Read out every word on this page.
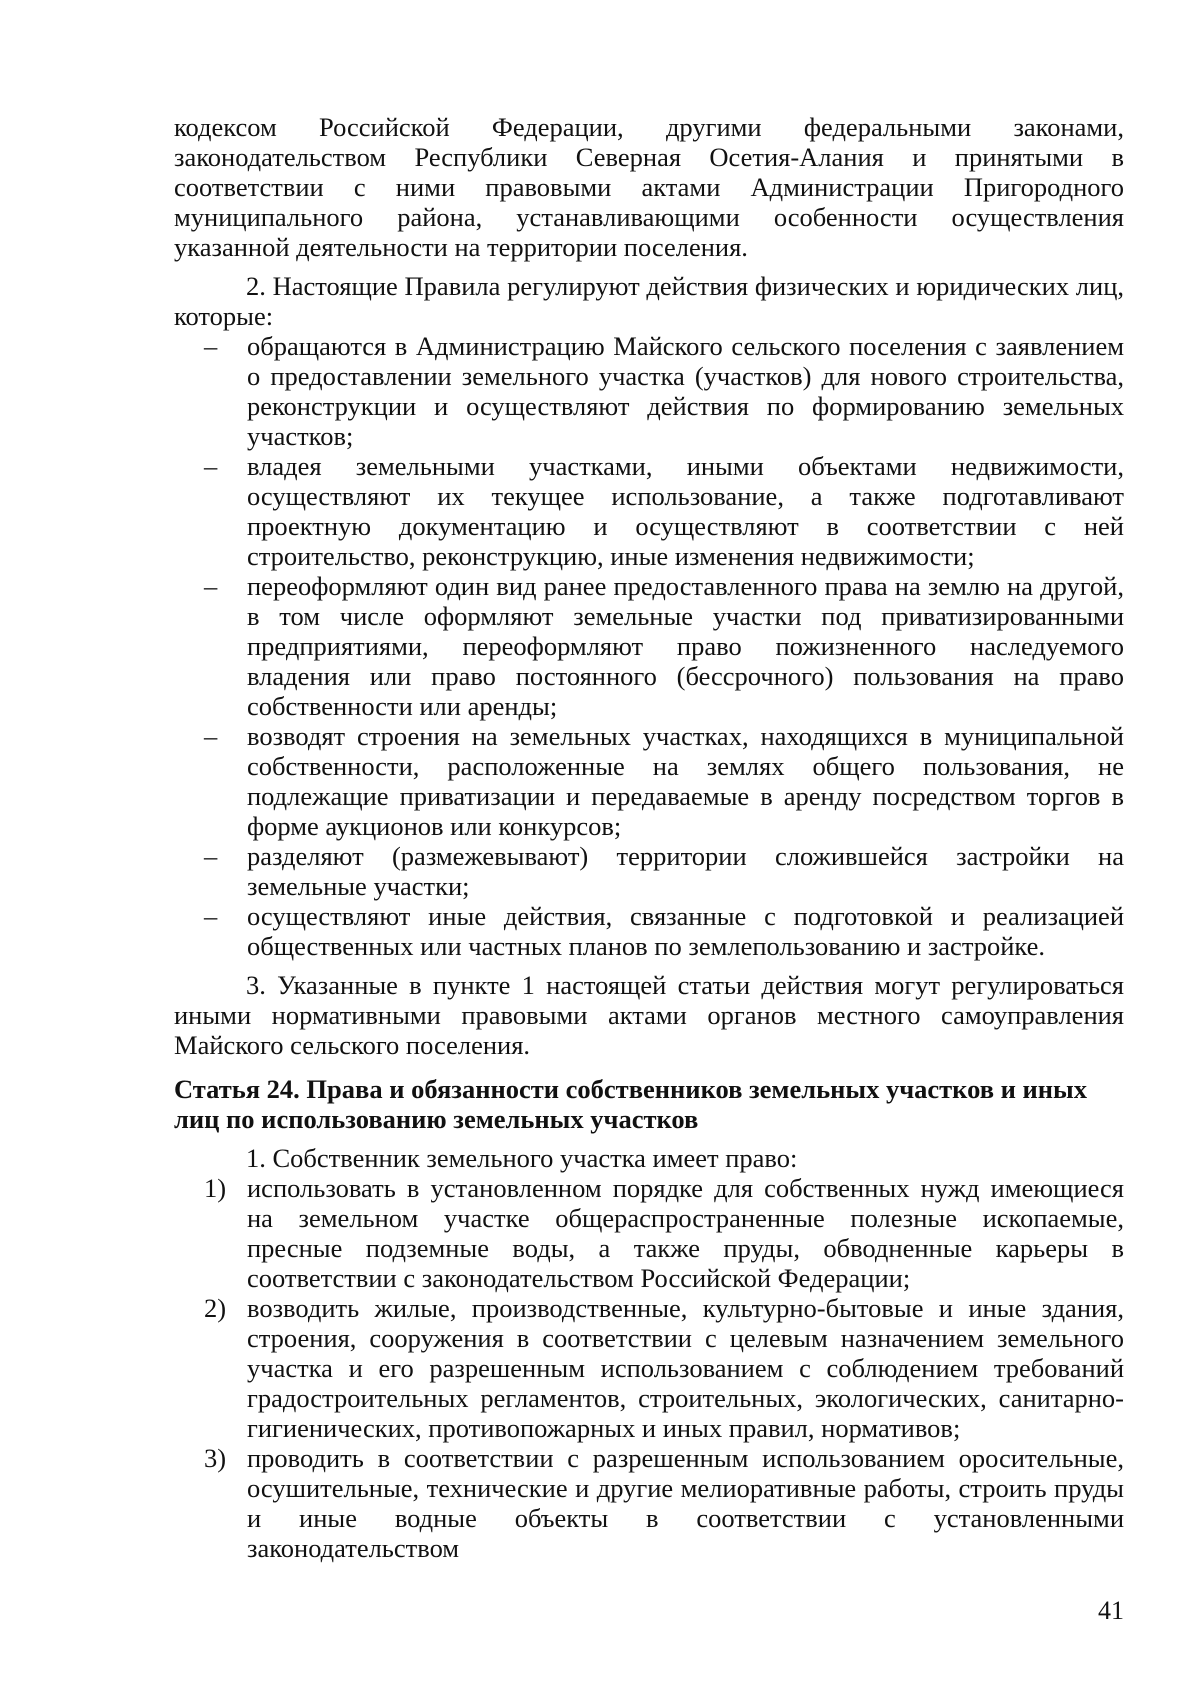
кодексом Российской Федерации, другими федеральными законами, законодательством Республики Северная Осетия-Алания и принятыми в соответствии с ними правовыми актами Администрации Пригородного муниципального района, устанавливающими особенности осуществления указанной деятельности на территории поселения.

2. Настоящие Правила регулируют действия физических и юридических лиц, которые:

–	обращаются в Администрацию Майского сельского поселения с заявлением о предоставлении земельного участка (участков) для нового строительства, реконструкции и осуществляют действия по формированию земельных участков;
–	владея земельными участками, иными объектами недвижимости, осуществляют их текущее использование, а также подготавливают проектную документацию и осуществляют в соответствии с ней строительство, реконструкцию, иные изменения недвижимости;
–	переоформляют один вид ранее предоставленного права на землю на другой, в том числе оформляют земельные участки под приватизированными предприятиями, переоформляют право пожизненного наследуемого владения или право постоянного (бессрочного) пользования на право собственности или аренды;
–	возводят строения на земельных участках, находящихся в муниципальной собственности, расположенные на землях общего пользования, не подлежащие приватизации и передаваемые в аренду посредством торгов в форме аукционов или конкурсов;
–	разделяют (размежевывают) территории сложившейся застройки на земельные участки;
–	осуществляют иные действия, связанные с подготовкой и реализацией общественных или частных планов по землепользованию и застройке.

3. Указанные в пункте 1 настоящей статьи действия могут регулироваться иными нормативными правовыми актами органов местного самоуправления Майского сельского поселения.

Статья 24. Права и обязанности собственников земельных участков и иных лиц по использованию земельных участков

1. Собственник земельного участка имеет право:

1) использовать в установленном порядке для собственных нужд имеющиеся на земельном участке общераспространенные полезные ископаемые, пресные подземные воды, а также пруды, обводненные карьеры в соответствии с законодательством Российской Федерации;
2) возводить жилые, производственные, культурно-бытовые и иные здания, строения, сооружения в соответствии с целевым назначением земельного участка и его разрешенным использованием с соблюдением требований градостроительных регламентов, строительных, экологических, санитарно-гигиенических, противопожарных и иных правил, нормативов;
3) проводить в соответствии с разрешенным использованием оросительные, осушительные, технические и другие мелиоративные работы, строить пруды и иные водные объекты в соответствии с установленными законодательством
41
